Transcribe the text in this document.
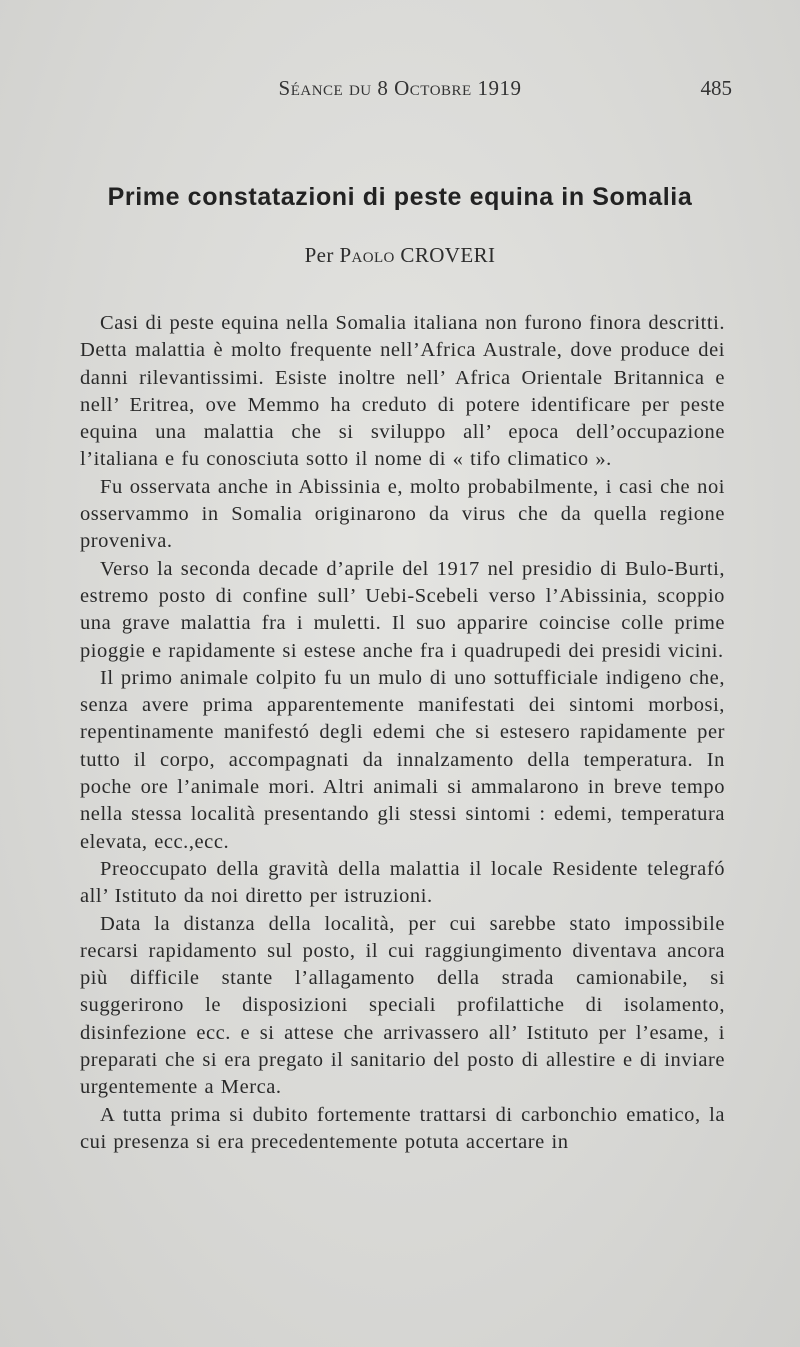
Séance du 8 Octobre 1919	485
Prime constatazioni di peste equina in Somalia
Per Paolo CROVERI

Casi di peste equina nella Somalia italiana non furono finora descritti. Detta malattia è molto frequente nell’Africa Australe, dove produce dei danni rilevantissimi. Esiste inoltre nell’ Africa Orientale Britannica e nell’ Eritrea, ove Memmo ha creduto di potere identificare per peste equina una malattia che si sviluppo all’ epoca dell’occupazione l’italiana e fu conosciuta sotto il nome di « tifo climatico ».

Fu osservata anche in Abissinia e, molto probabilmente, i casi che noi osservammo in Somalia originarono da virus che da quella regione proveniva.

Verso la seconda decade d’aprile del 1917 nel presidio di Bulo-Burti, estremo posto di confine sull’ Uebi-Scebeli verso l’Abissinia, scoppio una grave malattia fra i muletti. Il suo apparire coincise colle prime pioggie e rapidamente si estese anche fra i quadrupedi dei presidi vicini.

Il primo animale colpito fu un mulo di uno sottufficiale indigeno che, senza avere prima apparentemente manifestati dei sintomi morbosi, repentinamente manifestó degli edemi che si estesero rapidamente per tutto il corpo, accompagnati da innalzamento della temperatura. In poche ore l’animale mori. Altri animali si ammalarono in breve tempo nella stessa località presentando gli stessi sintomi : edemi, temperatura elevata, ecc.,ecc.

Preoccupato della gravità della malattia il locale Residente telegrafó all’ Istituto da noi diretto per istruzioni.

Data la distanza della località, per cui sarebbe stato impossibile recarsi rapidamento sul posto, il cui raggiungimento diventava ancora più difficile stante l’allagamento della strada camionabile, si suggerirono le disposizioni speciali profilattiche di isolamento, disinfezione ecc. e si attese che arrivassero all’ Istituto per l’esame, i preparati che si era pregato il sanitario del posto di allestire e di inviare urgentemente a Merca.

A tutta prima si dubito fortemente trattarsi di carbonchio ematico, la cui presenza si era precedentemente potuta accertare in
